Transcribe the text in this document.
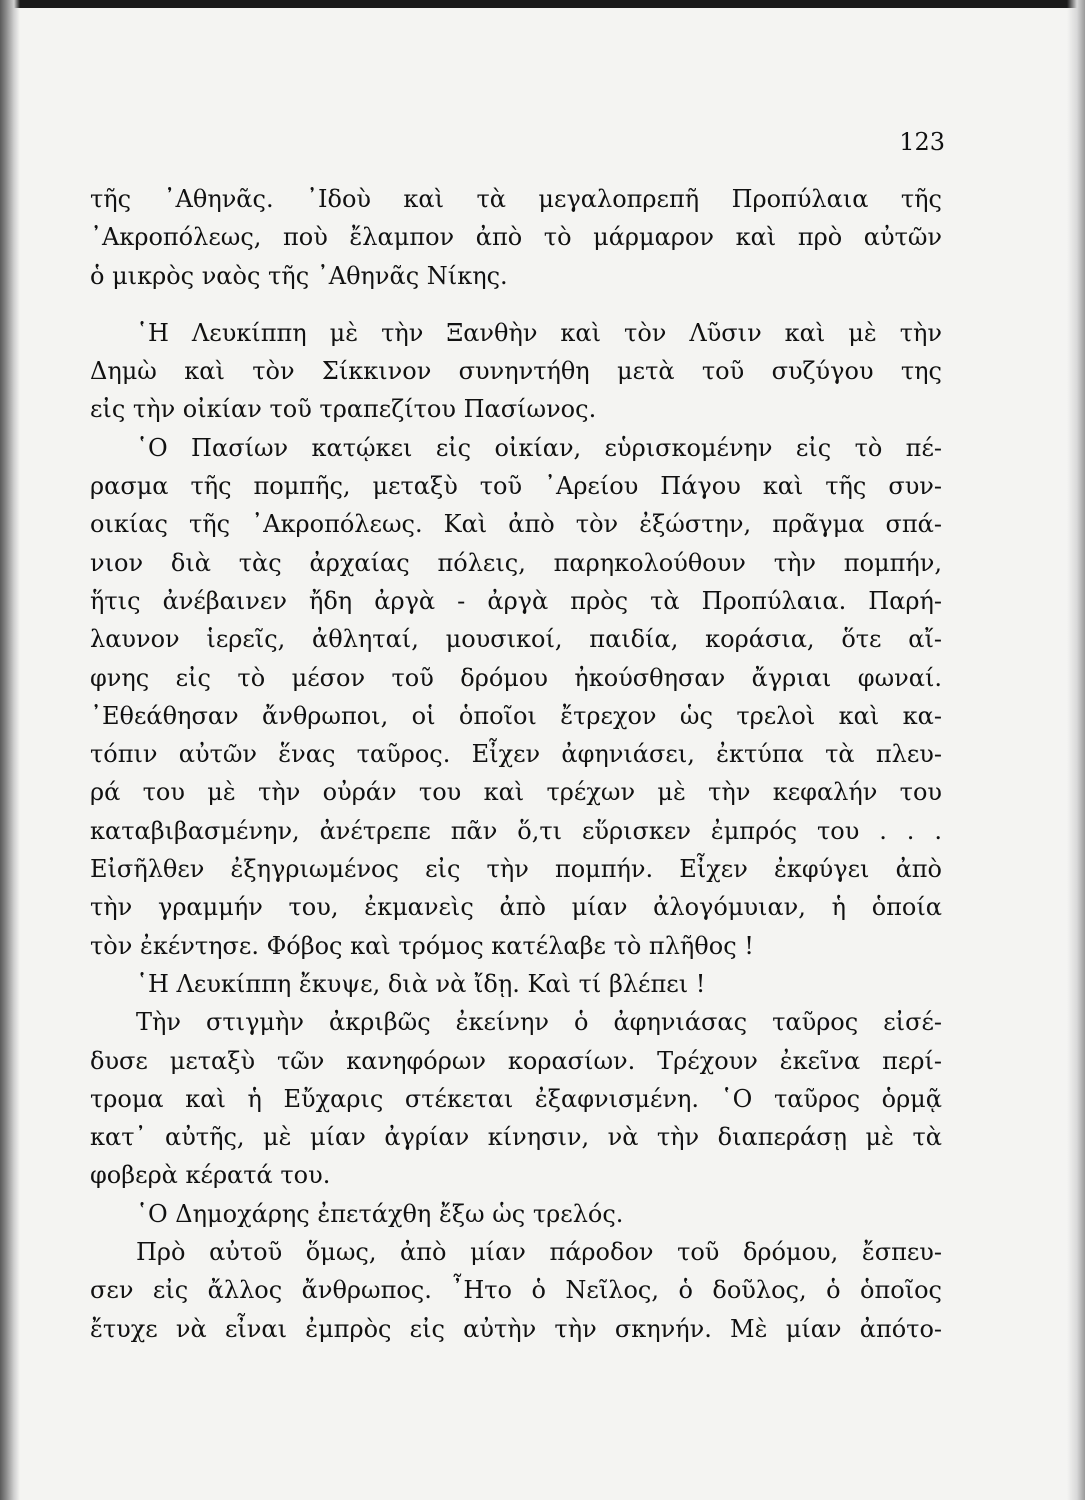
123

τῆς ᾿Αθηνᾶς. ᾿Ιδοὺ καὶ τὰ μεγαλοπρεπῆ Προπύλαια τῆς
᾿Ακροπόλεως, ποὺ ἔλαμπον ἀπὸ τὸ μάρμαρον καὶ πρὸ αὐτῶν
ὁ μικρὸς ναὸς τῆς ᾿Αθηνᾶς Νίκης.

῾Η Λευκίππη μὲ τὴν Ξανθὴν καὶ τὸν Λῦσιν καὶ μὲ τὴν
Δημὼ καὶ τὸν Σίκκινον συνηντήθη μετὰ τοῦ συζύγου της
εἰς τὴν οἰκίαν τοῦ τραπεζίτου Πασίωνος.

῾Ο Πασίων κατῴκει εἰς οἰκίαν, εὑρισκομένην εἰς τὸ πέ-
ρασμα τῆς πομπῆς, μεταξὺ τοῦ ᾿Αρείου Πάγου καὶ τῆς συν-
οικίας τῆς ᾿Ακροπόλεως. Καὶ ἀπὸ τὸν ἐξώστην, πρᾶγμα σπά-
νιον διὰ τὰς ἀρχαίας πόλεις, παρηκολούθουν τὴν πομπήν,
ἥτις ἀνέβαινεν ἤδη ἀργὰ - ἀργὰ πρὸς τὰ Προπύλαια. Παρή-
λαυνον ἱερεῖς, ἀθληταί, μουσικοί, παιδία, κοράσια, ὅτε αἴ-
φνης εἰς τὸ μέσον τοῦ δρόμου ἠκούσθησαν ἄγριαι φωναί.
᾿Εθεάθησαν ἄνθρωποι, οἱ ὁποῖοι ἔτρεχον ὡς τρελοὶ καὶ κα-
τόπιν αὐτῶν ἕνας ταῦρος. Εἶχεν ἀφηνιάσει, ἐκτύπα τὰ πλευ-
ρά του μὲ τὴν οὐράν του καὶ τρέχων μὲ τὴν κεφαλήν του
καταβιβασμένην, ἀνέτρεπε πᾶν ὅ,τι εὕρισκεν ἐμπρός του . . .
Εἰσῆλθεν ἐξηγριωμένος εἰς τὴν πομπήν. Εἶχεν ἐκφύγει ἀπὸ
τὴν γραμμήν του, ἐκμανεὶς ἀπὸ μίαν ἀλογόμυιαν, ἡ ὁποία
τὸν ἐκέντησε. Φόβος καὶ τρόμος κατέλαβε τὸ πλῆθος !

῾Η Λευκίππη ἔκυψε, διὰ νὰ ἴδῃ. Καὶ τί βλέπει !

Τὴν στιγμὴν ἀκριβῶς ἐκείνην ὁ ἀφηνιάσας ταῦρος εἰσέ-
δυσε μεταξὺ τῶν κανηφόρων κορασίων. Τρέχουν ἐκεῖνα περί-
τρομα καὶ ἡ Εὔχαρις στέκεται ἐξαφνισμένη. ῾Ο ταῦρος ὁρμᾷ
κατ᾿ αὐτῆς, μὲ μίαν ἀγρίαν κίνησιν, νὰ τὴν διαπεράσῃ μὲ τὰ
φοβερὰ κέρατά του.

῾Ο Δημοχάρης ἐπετάχθη ἔξω ὡς τρελός.

Πρὸ αὐτοῦ ὅμως, ἀπὸ μίαν πάροδον τοῦ δρόμου, ἔσπευ-
σεν εἰς ἄλλος ἄνθρωπος. ῏Ητο ὁ Νεῖλος, ὁ δοῦλος, ὁ ὁποῖος
ἔτυχε νὰ εἶναι ἐμπρὸς εἰς αὐτὴν τὴν σκηνήν. Μὲ μίαν ἀπότο-
